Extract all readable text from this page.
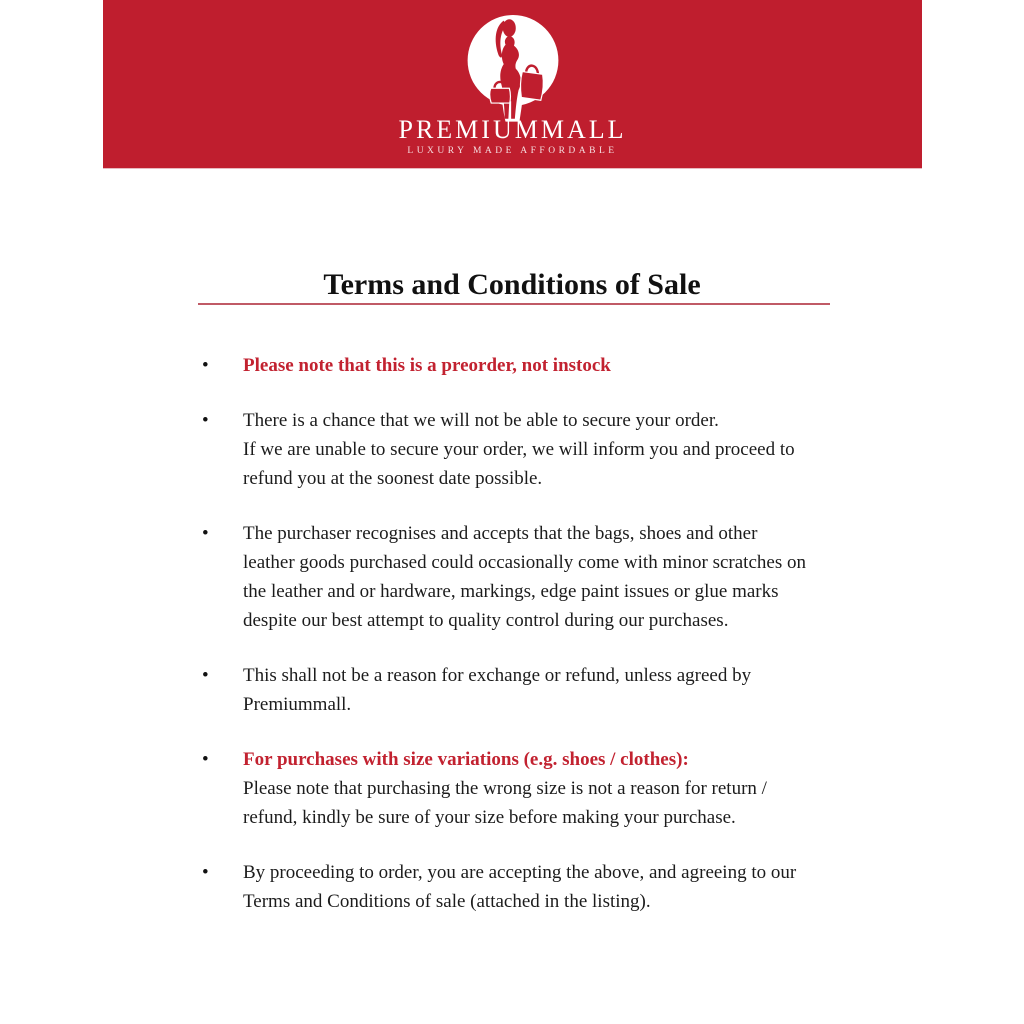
PREMIUMMALL
LUXURY MADE AFFORDABLE
Terms and Conditions of Sale
• Please note that this is a preorder, not instock
• There is a chance that we will not be able to secure your order.
If we are unable to secure your order, we will inform you and proceed to
refund you at the soonest date possible.
• The purchaser recognises and accepts that the bags, shoes and other
leather goods purchased could occasionally come with minor scratches on
the leather and or hardware, markings, edge paint issues or glue marks
despite our best attempt to quality control during our purchases.
• This shall not be a reason for exchange or refund, unless agreed by
Premiummall.
• For purchases with size variations (e.g. shoes / clothes):
Please note that purchasing the wrong size is not a reason for return /
refund, kindly be sure of your size before making your purchase.
• By proceeding to order, you are accepting the above, and agreeing to our
Terms and Conditions of sale (attached in the listing).
